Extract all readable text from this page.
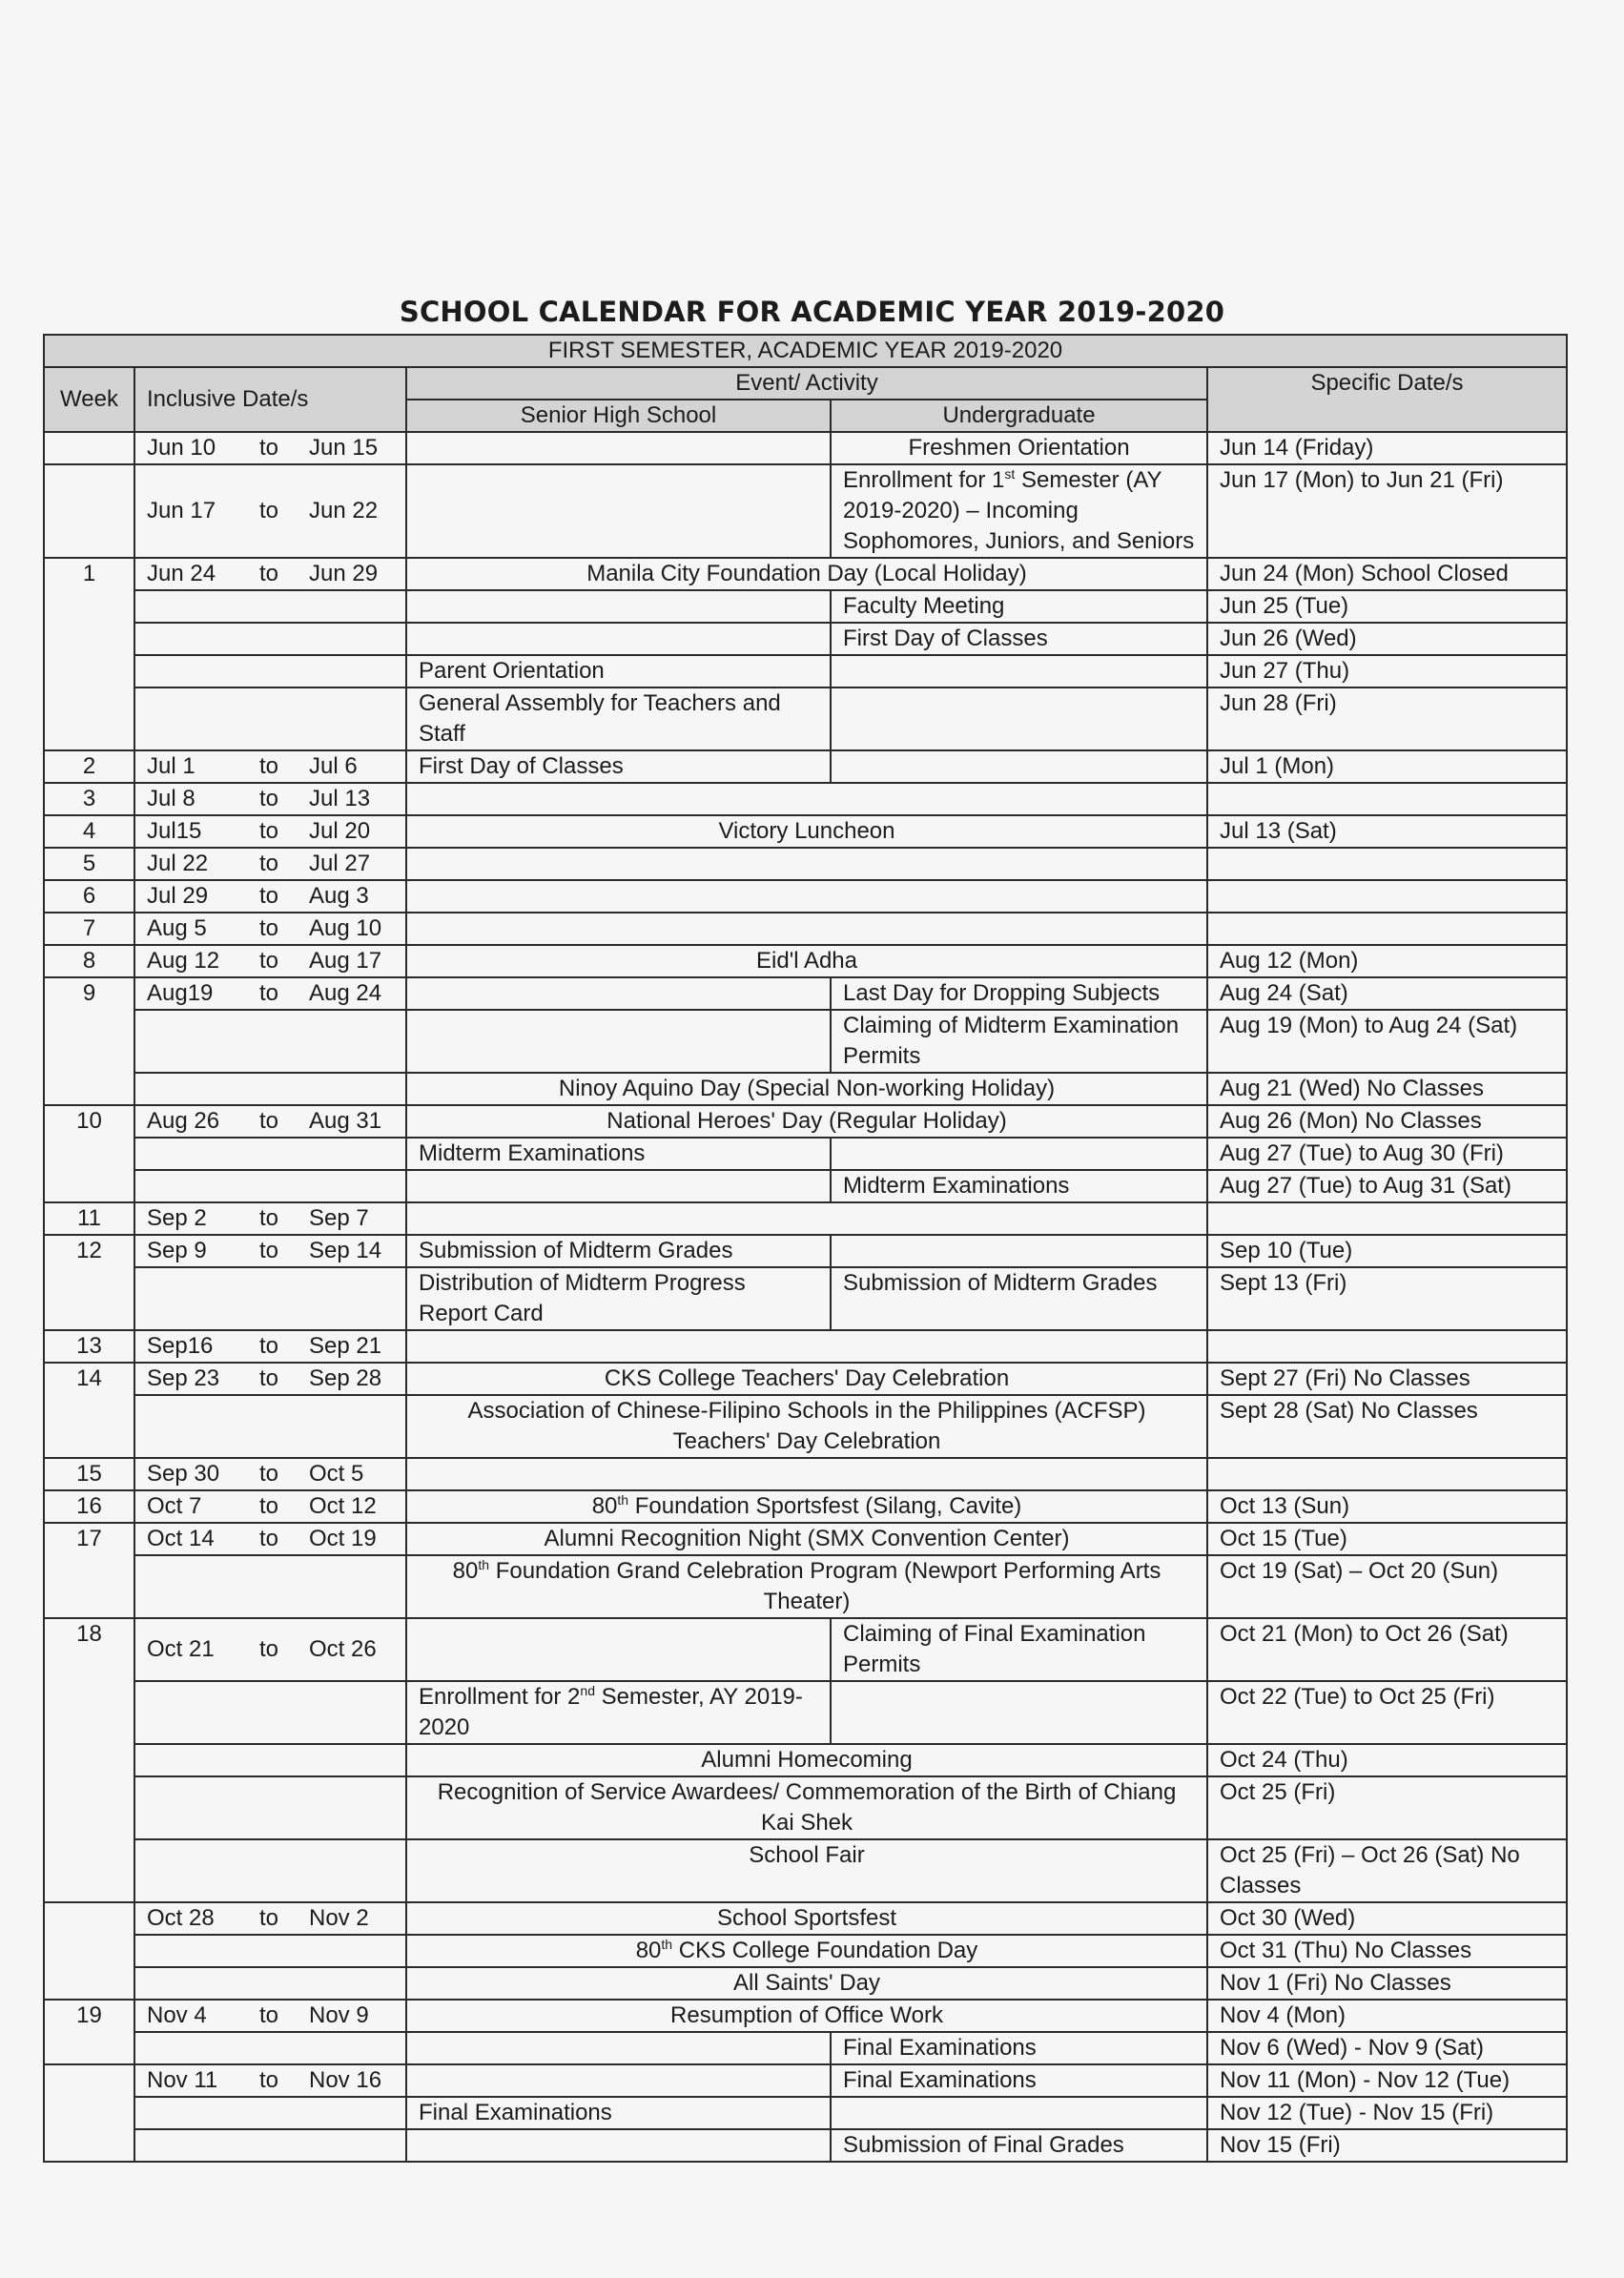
SCHOOL CALENDAR FOR ACADEMIC YEAR 2019-2020
FIRST SEMESTER, ACADEMIC YEAR 2019-2020				
Week	Inclusive Date/s	Event/ Activity		Specific Date/s
		Senior High School	Undergraduate	

	Jun 10 to Jun 15		Freshmen Orientation	Jun 14 (Friday)

	Jun 17 to Jun 22		Enrollment for 1st Semester (AY 2019-2020) – Incoming Sophomores, Juniors, and Seniors	Jun 17 (Mon) to Jun 21 (Fri)
1	Jun 24 to Jun 29	Manila City Foundation Day (Local Holiday)		Jun 24 (Mon) School Closed
			Faculty Meeting	Jun 25 (Tue)
			First Day of Classes	Jun 26 (Wed)
		Parent Orientation		Jun 27 (Thu)
		General Assembly for Teachers and Staff		Jun 28 (Fri)
2	Jul 1 to Jul 6	First Day of Classes		Jul 1 (Mon)
3	Jul 8 to Jul 13			

4	Jul15 to Jul 20	Victory Luncheon		Jul 13 (Sat)
5	Jul 22 to Jul 27			

6	Jul 29 to Aug 3			

7	Aug 5 to Aug 10			

8	Aug 12 to Aug 17	Eid'l Adha		Aug 12 (Mon)
9	Aug19 to Aug 24		Last Day for Dropping Subjects	Aug 24 (Sat)
			Claiming of Midterm Examination Permits	Aug 19 (Mon) to Aug 24 (Sat)
		Ninoy Aquino Day (Special Non-working Holiday)		Aug 21 (Wed) No Classes
10	Aug 26 to Aug 31	National Heroes' Day (Regular Holiday)		Aug 26 (Mon) No Classes
		Midterm Examinations		Aug 27 (Tue) to Aug 30 (Fri)
			Midterm Examinations	Aug 27 (Tue) to Aug 31 (Sat)
11	Sep 2 to Sep 7			

12	Sep 9 to Sep 14	Submission of Midterm Grades		Sep 10 (Tue)
		Distribution of Midterm Progress Report Card	Submission of Midterm Grades	Sept 13 (Fri)
13	Sep16 to Sep 21			

14	Sep 23 to Sep 28	CKS College Teachers' Day Celebration		Sept 27 (Fri) No Classes
		Association of Chinese-Filipino Schools in the Philippines (ACFSP) Teachers' Day Celebration		Sept 28 (Sat) No Classes
15	Sep 30 to Oct 5			

16	Oct 7 to Oct 12	80th Foundation Sportsfest (Silang, Cavite)		Oct 13 (Sun)
17	Oct 14 to Oct 19	Alumni Recognition Night (SMX Convention Center)		Oct 15 (Tue)
		80th Foundation Grand Celebration Program (Newport Performing Arts Theater)		Oct 19 (Sat) – Oct 20 (Sun)
18	Oct 21 to Oct 26		Claiming of Final Examination Permits	Oct 21 (Mon) to Oct 26 (Sat)
		Enrollment for 2nd Semester, AY 2019-2020		Oct 22 (Tue) to Oct 25 (Fri)
		Alumni Homecoming		Oct 24 (Thu)
		Recognition of Service Awardees/ Commemoration of the Birth of Chiang Kai Shek		Oct 25 (Fri)
		School Fair		Oct 25 (Fri) – Oct 26 (Sat) No Classes

	Oct 28 to Nov 2	School Sportsfest		Oct 30 (Wed)
		80th CKS College Foundation Day		Oct 31 (Thu) No Classes
		All Saints' Day		Nov 1 (Fri) No Classes
19	Nov 4 to Nov 9	Resumption of Office Work		Nov 4 (Mon)
			Final Examinations	Nov 6 (Wed) - Nov 9 (Sat)

	Nov 11 to Nov 16		Final Examinations	Nov 11 (Mon) - Nov 12 (Tue)
		Final Examinations		Nov 12 (Tue) - Nov 15 (Fri)
			Submission of Final Grades	Nov 15 (Fri)
